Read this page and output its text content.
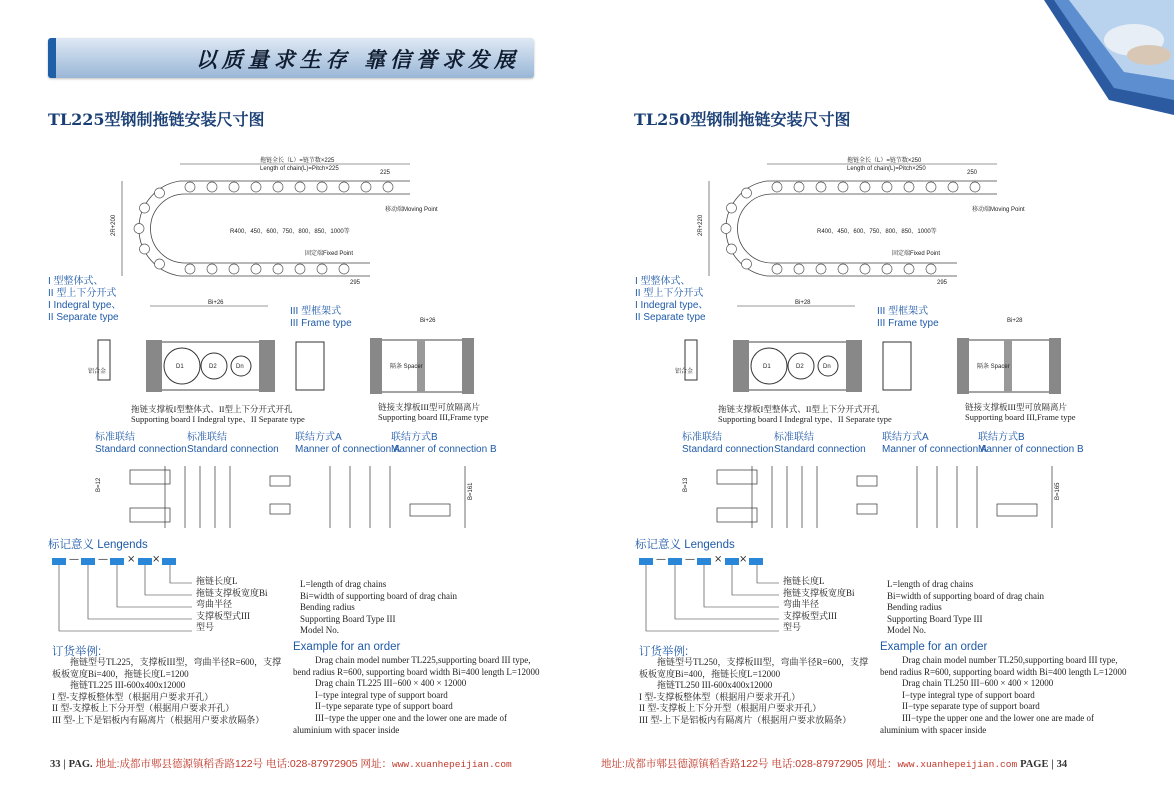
以质量求生存 靠信誉求发展
TL225型钢制拖链安装尺寸图
拖链全长（L）=链节数×225
Length of chain(L)=Pitch×225
2R+200	R400、450、600、750、800、850、1000等
移动端Moving Point
固定端Fixed Point
225
295
I 型整体式、
II 型上下分开式
I Indegral type、
II Separate type
III 型框架式
III Frame type
Bi+26
D1	D2	Dn
铝合金
拖链支撑板I型整体式、II型上下分开式开孔
Supporting board I Indegral type、II Separate type
Bi+26
隔条 Spacer
链接支撑板III型可放隔离片
Supporting board III,Frame type
标准联结
Standard connection
标准联结
Standard connection
联结方式A
Manner of connection A
联结方式B
Manner of connection B
B=12	B=161
标记意义 Lengends
— — × ×
拖链长度L
拖链支撑板宽度Bi
弯曲半径
支撑板型式III
型号
L=length of drag chains
Bi=width of supporting board of drag chain
Bending radius
Supporting Board Type III
Model No.
订货举例:
拖链型号TL225，支撑板III型，弯曲半径R=600，支撑
板板宽度Bi=400，拖链长度L=1200
拖链TL225 III-600x400x12000
I 型-支撑板整体型（根据用户要求开孔）
II 型-支撑板上下分开型（根据用户要求开孔）
III 型-上下是铝板内有隔离片（根据用户要求放隔条）
Example for an order
Drag chain model number TL225,supporting board III type,
bend radius R=600, supporting board width Bi=400 length L=12000
Drag chain TL225 III−600 × 400 × 12000
I−type integral type of support board
II−type separate type of support board
III−type the upper one and the lower one are made of
aluminium with spacer inside
TL250型钢制拖链安装尺寸图
拖链全长（L）=链节数×250
Length of chain(L)=Pitch×250
2R+220	R400、450、600、750、800、850、1000等
移动端Moving Point
固定端Fixed Point
250
295
I 型整体式、
II 型上下分开式
I Indegral type、
II Separate type
III 型框架式
III Frame type
Bi+28
D1	D2	Dn
铝合金
拖链支撑板I型整体式、II型上下分开式开孔
Supporting board I Indegral type、II Separate type
Bi+28
隔条 Spacer
链接支撑板III型可放隔离片
Supporting board III,Frame type
标准联结
Standard connection
标准联结
Standard connection
联结方式A
Manner of connection A
联结方式B
Manner of connection B
B=13	B=165
标记意义 Lengends
— — × ×
拖链长度L
拖链支撑板宽度Bi
弯曲半径
支撑板型式III
型号
L=length of drag chains
Bi=width of supporting board of drag chain
Bending radius
Supporting Board Type III
Model No.
订货举例:
拖链型号TL250，支撑板III型，弯曲半径R=600，支撑
板板宽度Bi=400，拖链长度L=12000
拖链TL250 III-600x400x12000
I 型-支撑板整体型（根据用户要求开孔）
II 型-支撑板上下分开型（根据用户要求开孔）
III 型-上下是铝板内有隔离片（根据用户要求放隔条）
Example for an order
Drag chain model number TL250,supporting board III type,
bend radius R=600, supporting board width Bi=400 length L=12000
Drag chain TL250 III−600 × 400 × 12000
I−type integral type of support board
II−type separate type of support board
III−type the upper one and the lower one are made of
aluminium with spacer inside
33 | PAG. 地址:成都市郫县德源镇稻香路122号 电话:028-87972905 网址：www.xuanhepeijian.com	地址:成都市郫县德源镇稻香路122号 电话:028-87972905 网址：www.xuanhepeijian.com PAGE | 34
